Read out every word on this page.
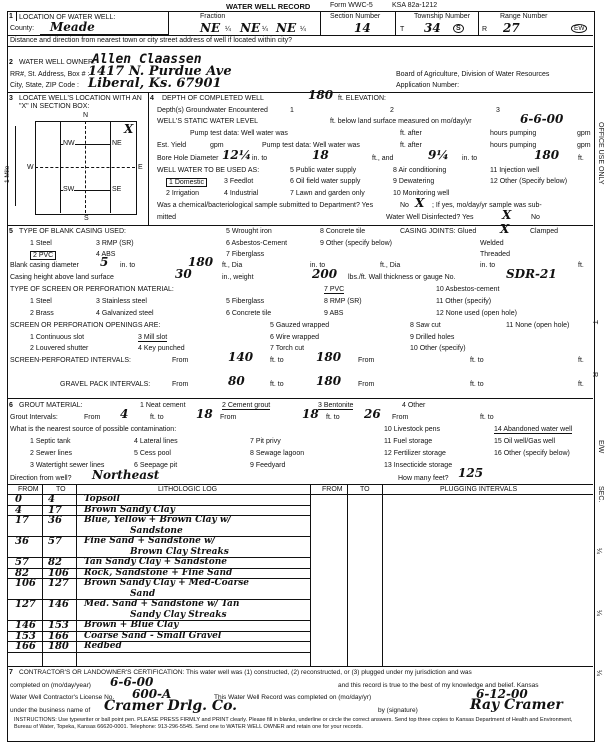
WATER WELL RECORD	Form WWC-5	KSA 82a-1212
1 LOCATION OF WATER WELL:
County: Meade
Fraction
NE ¼ NE ¼ NE ¼
Section Number
14
Township Number
T 34	S
Range Number
R 27	EW
Distance and direction from nearest town or city street address of well if located within city?
2 WATER WELL OWNER:
Allen Claassen
RR#, St. Address, Box # :
1417 N. Purdue Ave
City, State, ZIP Code : Liberal, Ks. 67901
Board of Agriculture, Division of Water Resources
Application Number:
3 LOCATE WELL'S LOCATION WITH AN "X" IN SECTION BOX:
4
N
S
W	E
NW	NE
SW	SE
X
1 Mile
DEPTH OF COMPLETED WELL	180 ft. ELEVATION:
Depth(s) Groundwater Encountered	1	2	3
WELL'S STATIC WATER LEVEL	ft. below land surface measured on mo/day/yr	6-6-00
Pump test data: Well water was	ft. after	hours pumping	gpm
Est. Yield	gpm	Pump test data: Well water was	ft. after	hours pumping	gpm
Bore Hole Diameter 12¼ in. to	18	ft., and	9¼ in. to	180	ft.
WELL WATER TO BE USED AS:	5 Public water supply	8 Air conditioning	11 Injection well
1 Domestic	3 Feedlot	6 Oil field water supply	9 Dewatering	12 Other (Specify below)
2 Irrigation	4 Industrial	7 Lawn and garden only	10 Monitoring well
Was a chemical/bacteriological sample submitted to Department? Yes	No X ; If yes, mo/day/yr sample was sub-
mitted	Water Well Disinfected? Yes X	No
5 TYPE OF BLANK CASING USED:	5 Wrought iron	8 Concrete tile	CASING JOINTS: Glued X	Clamped
1 Steel	3 RMP (SR)	6 Asbestos-Cement	9 Other (specify below)	Welded
2 PVC	4 ABS	7 Fiberglass	Threaded
Blank casing diameter 5 in. to	180 ft., Dia	in. to	ft., Dia	in. to	ft.
Casing height above land surface	30	in., weight	200 lbs./ft. Wall thickness or gauge No.	SDR-21
TYPE OF SCREEN OR PERFORATION MATERIAL:	7 PVC	10 Asbestos-cement
1 Steel	3 Stainless steel	5 Fiberglass	8 RMP (SR)	11 Other (specify)
2 Brass	4 Galvanized steel	6 Concrete tile	9 ABS	12 None used (open hole)
SCREEN OR PERFORATION OPENINGS ARE:	5 Gauzed wrapped	8 Saw cut	11 None (open hole)
1 Continuous slot	3 Mill slot	6 Wire wrapped	9 Drilled holes
2 Louvered shutter	4 Key punched	7 Torch cut	10 Other (specify)
SCREEN-PERFORATED INTERVALS:	From	140 ft. to	180 From	ft. to	ft.
GRAVEL PACK INTERVALS:	From	80	ft. to	180 From	ft. to	ft.
6 GROUT MATERIAL:	1 Neat cement	2 Cement grout	3 Bentonite	4 Other
Grout Intervals:	From 4	ft. to	18 From	18 ft. to 26 From	ft. to
What is the nearest source of possible contamination:	10 Livestock pens	14 Abandoned water well
1 Septic tank	4 Lateral lines	7 Pit privy	11 Fuel storage	15 Oil well/Gas well
2 Sewer lines	5 Cess pool	8 Sewage lagoon	12 Fertilizer storage	16 Other (specify below)
3 Watertight sewer lines	6 Seepage pit	9 Feedyard	13 Insecticide storage
Direction from well? Northeast	How many feet? 125
FROM TO	LITHOLOGIC LOG	FROM TO	PLUGGING INTERVALS
0	4	Topsoil
4	17 Brown Sandy Clay
17 36 Blue, Yellow + Brown Clay w/
Sandstone
36 57 Fine Sand + Sandstone w/
Brown Clay Streaks
57 82 Tan Sandy Clay + Sandstone
82 106 Rock, Sandstone + Fine Sand
106 127 Brown Sandy Clay + Med-Coarse
Sand
127 146 Med. Sand + Sandstone w/ Tan
Sandy Clay Streaks
146 153 Brown + Blue Clay
153 166 Coarse Sand - Small Gravel
166 180 Redbed
7 CONTRACTOR'S OR LANDOWNER'S CERTIFICATION: This water well was (1) constructed, (2) reconstructed, or (3) plugged under my jurisdiction and was
completed on (mo/day/year) 6-6-00	and this record is true to the best of my knowledge and belief. Kansas
Water Well Contractor's License No. 600-A	This Water Well Record was completed on (mo/day/yr)	6-12-00
under the business name of Cramer Drlg. Co.	by (signature)	Ray Cramer
INSTRUCTIONS: Use typewriter or ball point pen. PLEASE PRESS FIRMLY and PRINT clearly. Please fill in blanks, underline or circle the correct answers. Send top three copies to Kansas Department of Health and Environment, Bureau of Water, Topeka, Kansas 66620-0001. Telephone: 913-296-5545. Send one to WATER WELL OWNER and retain one for your records.
OFFICE USE ONLY
T
R
E/W
SEC.
¼
¼
¼
